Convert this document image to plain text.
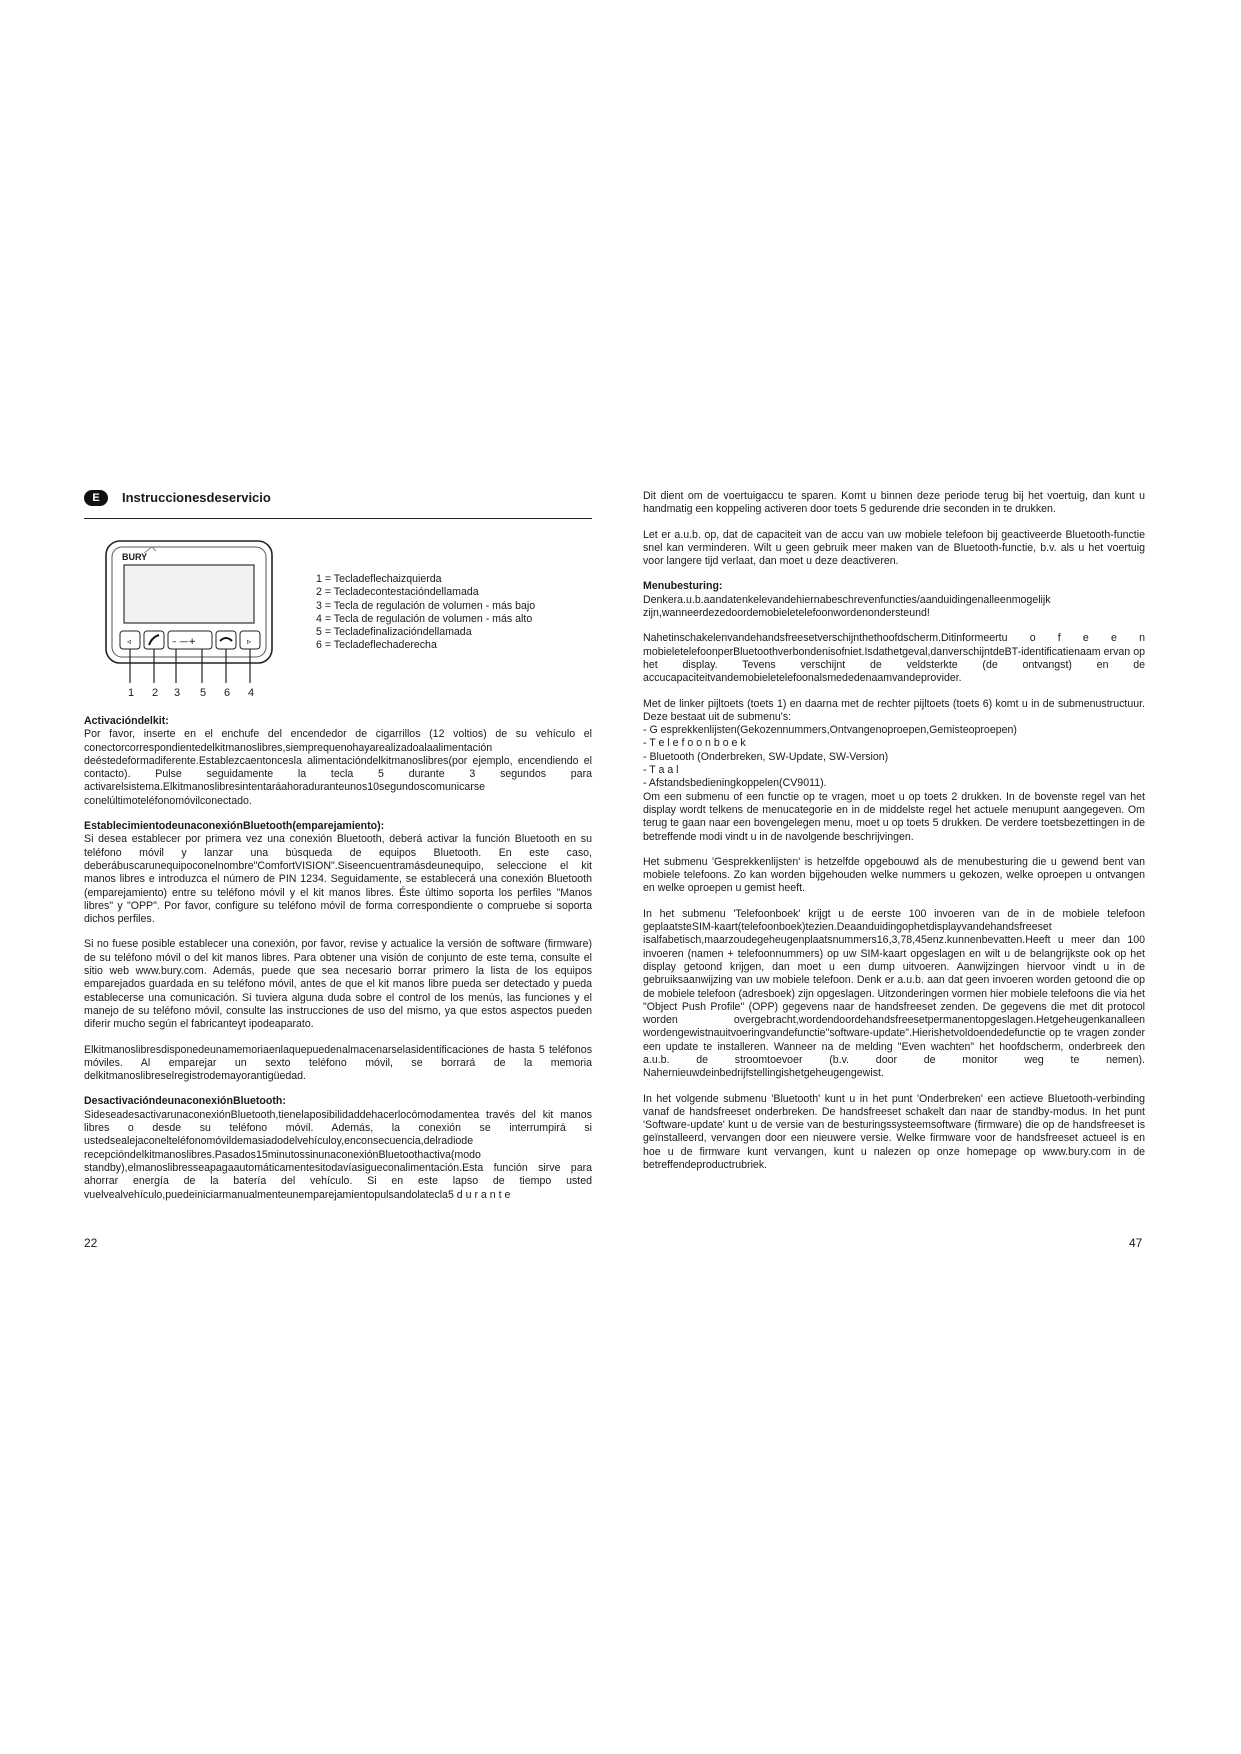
E	Instruccionesdeservicio
◃	– —+	▹
BURY
1 2 3 5 6 4
1 = Tecladeflechaizquierda
2 = Tecladecontestacióndellamada
3 = Tecla de regulación de volumen - más bajo
4 = Tecla de regulación de volumen - más alto
5 = Tecladefinalizacióndellamada
6 = Tecladeflechaderecha
Activacióndelkit:

Por favor, inserte en el enchufe del encendedor de cigarrillos (12 voltios) de su vehículo el conectorcorrespondientedelkitmanoslibres,siemprequenohayarealizadoalaalimentación deéstedeformadiferente.Establezcaentoncesla alimentacióndelkitmanoslibres(por ejemplo, encendiendo el contacto). Pulse seguidamente la tecla 5 durante 3 segundos para activarelsistema.Elkitmanoslibresintentaráahoraduranteunos10segundoscomunicarse conelúltimoteléfonomóvilconectado.

EstablecimientodeunaconexiónBluetooth(emparejamiento):

Si desea establecer por primera vez una conexión Bluetooth, deberá activar la función Bluetooth en su teléfono móvil y lanzar una búsqueda de equipos Bluetooth. En este caso, deberábuscarunequipoconelnombre"ComfortVISION".Siseencuentramásdeunequipo, seleccione el kit manos libres e introduzca el número de PIN 1234. Seguidamente, se establecerá una conexión Bluetooth (emparejamiento) entre su teléfono móvil y el kit manos libres. Éste último soporta los perfiles "Manos libres" y "OPP". Por favor, configure su teléfono móvil de forma correspondiente o compruebe si soporta dichos perfiles.

Si no fuese posible establecer una conexión, por favor, revise y actualice la versión de software (firmware) de su teléfono móvil o del kit manos libres. Para obtener una visión de conjunto de este tema, consulte el sitio web www.bury.com. Además, puede que sea necesario borrar primero la lista de los equipos emparejados guardada en su teléfono móvil, antes de que el kit manos libre pueda ser detectado y pueda establecerse una comunicación. Si tuviera alguna duda sobre el control de los menús, las funciones y el manejo de su teléfono móvil, consulte las instrucciones de uso del mismo, ya que estos aspectos pueden diferir mucho según el fabricanteyt ipodeaparato.

Elkitmanoslibresdisponedeunamemoriaenlaquepuedenalmacenarselasidentificaciones de hasta 5 teléfonos móviles. Al emparejar un sexto teléfono móvil, se borrará de la memoria delkitmanoslibreselregistrodemayorantigüedad.

DesactivacióndeunaconexiónBluetooth:

SideseadesactivarunaconexiónBluetooth,tienelaposibilidaddehacerlocómodamentea través del kit manos libres o desde su teléfono móvil. Además, la conexión se interrumpirá si ustedsealejaconelteléfonomóvildemasiadodelvehículoy,enconsecuencia,delradiode recepcióndelkitmanoslibres.Pasados15minutossinunaconexiónBluetoothactiva(modo standby),elmanoslibresseapagaautomáticamentesitodavíasigueconalimentación.Esta función sirve para ahorrar energía de la batería del vehículo. Si en este lapso de tiempo usted vuelvealvehículo,puedeiniciarmanualmenteunemparejamientopulsandolatecla5 d u r a n t e

22

Dit dient om de voertuigaccu te sparen. Komt u binnen deze periode terug bij het voertuig, dan kunt u handmatig een koppeling activeren door toets 5 gedurende drie seconden in te drukken.

Let er a.u.b. op, dat de capaciteit van de accu van uw mobiele telefoon bij geactiveerde Bluetooth-functie snel kan verminderen. Wilt u geen gebruik meer maken van de Bluetooth-functie, b.v. als u het voertuig voor langere tijd verlaat, dan moet u deze deactiveren.

Menubesturing:

Denkera.u.b.aandatenkelevandehiernabeschrevenfuncties/aanduidingenalleenmogelijk zijn,wanneerdezedoordemobieletelefoonwordenondersteund!

Nahetinschakelenvandehandsfreesetverschijnthethoofdscherm.Ditinformeertu o f e e n mobieletelefoonperBluetoothverbondenisofniet.Isdathetgeval,danverschijntdeBT-identificatienaam ervan op het display. Tevens verschijnt de veldsterkte (de ontvangst) en de accucapaciteitvandemobieletelefoonalsmededenaamvandeprovider.

Met de linker pijltoets (toets 1) en daarna met de rechter pijltoets (toets 6) komt u in de submenustructuur. Deze bestaat uit de submenu's:

- G esprekkenlijsten(Gekozennummers,Ontvangenoproepen,Gemisteoproepen)
- T e l e f o o n b o e k
- Bluetooth (Onderbreken, SW-Update, SW-Version)
- T a a l
- Afstandsbedieningkoppelen(CV9011).

Om een submenu of een functie op te vragen, moet u op toets 2 drukken. In de bovenste regel van het display wordt telkens de menucategorie en in de middelste regel het actuele menupunt aangegeven. Om terug te gaan naar een bovengelegen menu, moet u op toets 5 drukken. De verdere toetsbezettingen in de betreffende modi vindt u in de navolgende beschrijvingen.

Het submenu 'Gesprekkenlijsten' is hetzelfde opgebouwd als de menubesturing die u gewend bent van mobiele telefoons. Zo kan worden bijgehouden welke nummers u gekozen, welke oproepen u ontvangen en welke oproepen u gemist heeft.

In het submenu 'Telefoonboek' krijgt u de eerste 100 invoeren van de in de mobiele telefoon geplaatsteSIM-kaart(telefoonboek)tezien.Deaanduidingophetdisplayvandehandsfreeset isalfabetisch,maarzoudegeheugenplaatsnummers16,3,78,45enz.kunnenbevatten.Heeft u meer dan 100 invoeren (namen + telefoonnummers) op uw SIM-kaart opgeslagen en wilt u de belangrijkste ook op het display getoond krijgen, dan moet u een dump uitvoeren. Aanwijzingen hiervoor vindt u in de gebruiksaanwijzing van uw mobiele telefoon. Denk er a.u.b. aan dat geen invoeren worden getoond die op de mobiele telefoon (adresboek) zijn opgeslagen. Uitzonderingen vormen hier mobiele telefoons die via het "Object Push Profile" (OPP) gegevens naar de handsfreeset zenden. De gegevens die met dit protocol worden overgebracht,wordendoordehandsfreesetpermanentopgeslagen.Hetgeheugenkanalleen wordengewistnauitvoeringvandefunctie"software-update".Hierishetvoldoendedefunctie op te vragen zonder een update te installeren. Wanneer na de melding "Even wachten" het hoofdscherm, onderbreek den a.u.b. de stroomtoevoer (b.v. door de monitor weg te nemen). Nahernieuwdeinbedrijfstellingishetgeheugengewist.

In het volgende submenu 'Bluetooth' kunt u in het punt 'Onderbreken' een actieve Bluetooth-verbinding vanaf de handsfreeset onderbreken. De handsfreeset schakelt dan naar de standby-modus. In het punt 'Software-update' kunt u de versie van de besturingssysteemsoftware (firmware) die op de handsfreeset is geïnstalleerd, vervangen door een nieuwere versie. Welke firmware voor de handsfreeset actueel is en hoe u de firmware kunt vervangen, kunt u nalezen op onze homepage op www.bury.com in de betreffendeproductrubriek.

47
